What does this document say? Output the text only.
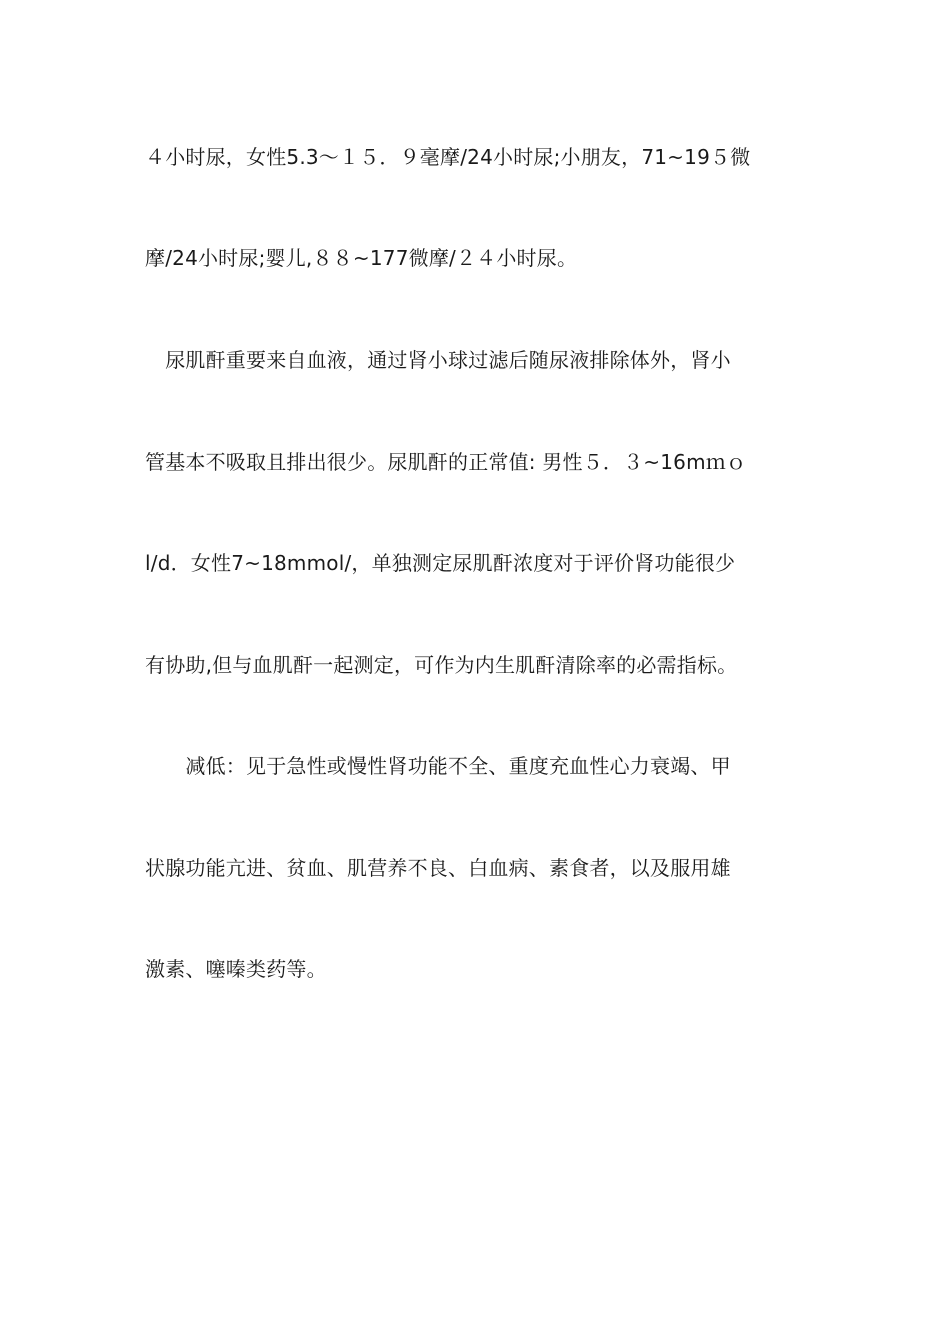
４小时尿，女性5.3～１５．９毫摩/24小时尿;小朋友，71~19５微
摩/24小时尿;婴儿,８８~177微摩/２４小时尿。
　尿肌酐重要来自血液，通过肾小球过滤后随尿液排除体外，肾小
管基本不吸取且排出很少。尿肌酐的正常值: 男性５．３~16mｍｏ
l/d．女性7~18mmol/，单独测定尿肌酐浓度对于评价肾功能很少
有协助,但与血肌酐一起测定，可作为内生肌酐清除率的必需指标。
　　减低：见于急性或慢性肾功能不全、重度充血性心力衰竭、甲
状腺功能亢进、贫血、肌营养不良、白血病、素食者，以及服用雄
激素、噻嗪类药等。
